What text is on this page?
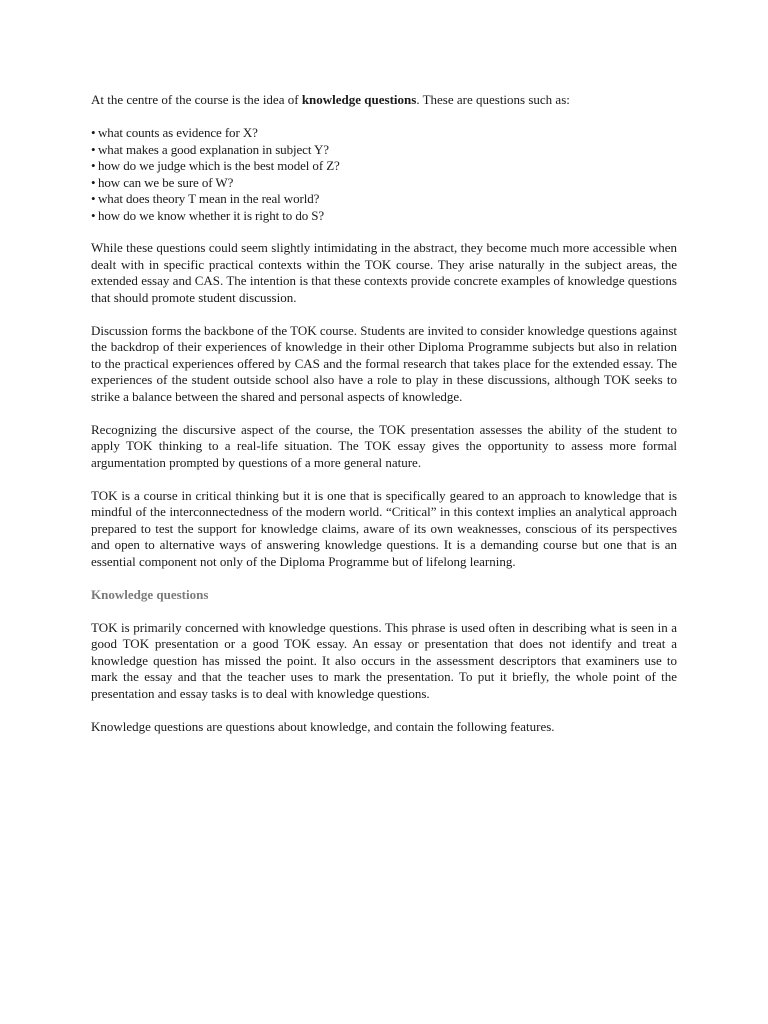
At the centre of the course is the idea of knowledge questions. These are questions such as:

• what counts as evidence for X?
• what makes a good explanation in subject Y?
• how do we judge which is the best model of Z?
• how can we be sure of W?
• what does theory T mean in the real world?
• how do we know whether it is right to do S?

While these questions could seem slightly intimidating in the abstract, they become much more accessible when dealt with in specific practical contexts within the TOK course. They arise naturally in the subject areas, the extended essay and CAS. The intention is that these contexts provide concrete examples of knowledge questions that should promote student discussion.

Discussion forms the backbone of the TOK course. Students are invited to consider knowledge questions against the backdrop of their experiences of knowledge in their other Diploma Programme subjects but also in relation to the practical experiences offered by CAS and the formal research that takes place for the extended essay. The experiences of the student outside school also have a role to play in these discussions, although TOK seeks to strike a balance between the shared and personal aspects of knowledge.

Recognizing the discursive aspect of the course, the TOK presentation assesses the ability of the student to apply TOK thinking to a real-life situation. The TOK essay gives the opportunity to assess more formal argumentation prompted by questions of a more general nature.

TOK is a course in critical thinking but it is one that is specifically geared to an approach to knowledge that is mindful of the interconnectedness of the modern world. “Critical” in this context implies an analytical approach prepared to test the support for knowledge claims, aware of its own weaknesses, conscious of its perspectives and open to alternative ways of answering knowledge questions. It is a demanding course but one that is an essential component not only of the Diploma Programme but of lifelong learning.

Knowledge questions

TOK is primarily concerned with knowledge questions. This phrase is used often in describing what is seen in a good TOK presentation or a good TOK essay. An essay or presentation that does not identify and treat a knowledge question has missed the point. It also occurs in the assessment descriptors that examiners use to mark the essay and that the teacher uses to mark the presentation. To put it briefly, the whole point of the presentation and essay tasks is to deal with knowledge questions.

Knowledge questions are questions about knowledge, and contain the following features.
